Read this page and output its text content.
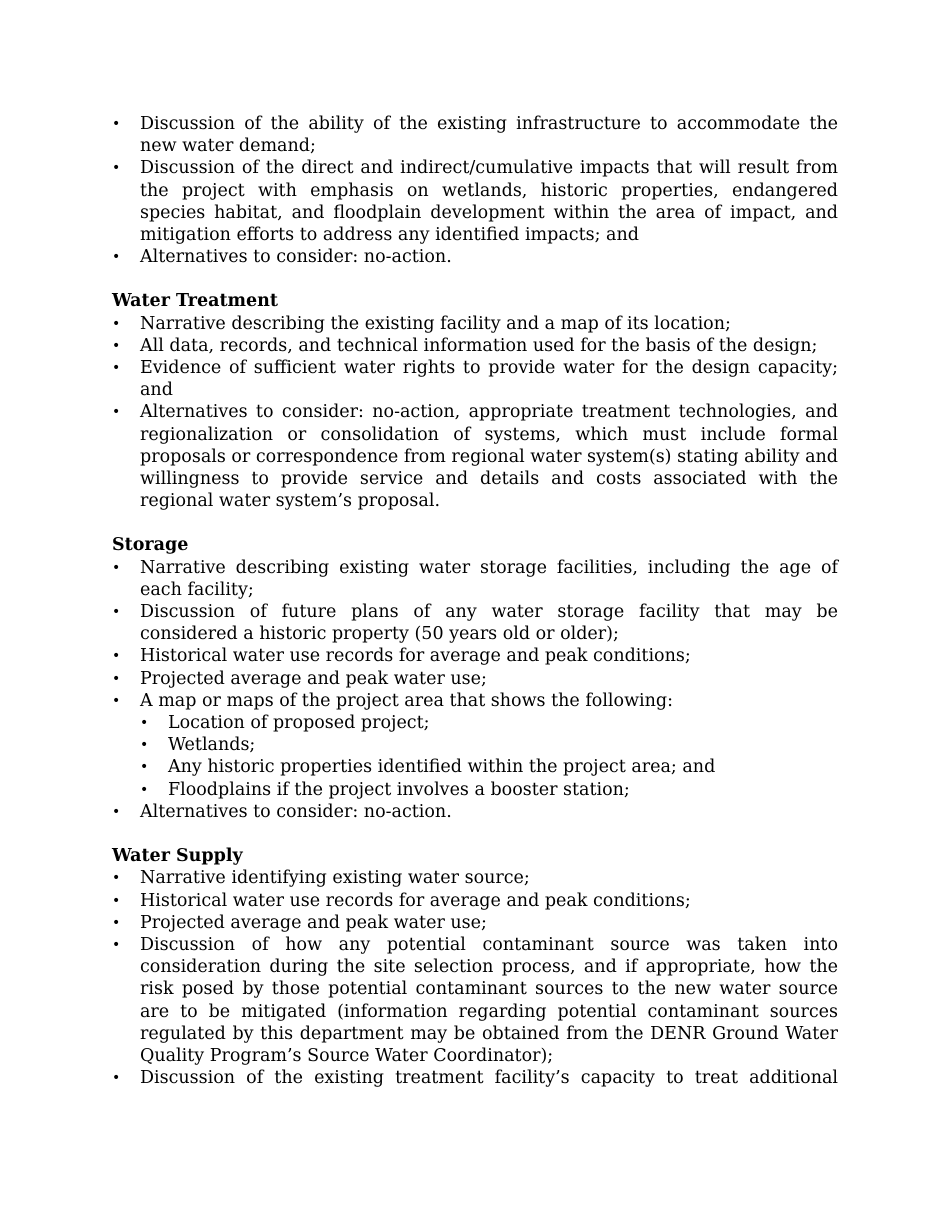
• Discussion of the ability of the existing infrastructure to accommodate the new water demand;
• Discussion of the direct and indirect/cumulative impacts that will result from the project with emphasis on wetlands, historic properties, endangered species habitat, and floodplain development within the area of impact, and mitigation efforts to address any identified impacts; and
• Alternatives to consider: no-action.
Water Treatment
• Narrative describing the existing facility and a map of its location;
• All data, records, and technical information used for the basis of the design;
• Evidence of sufficient water rights to provide water for the design capacity; and
• Alternatives to consider: no-action, appropriate treatment technologies, and regionalization or consolidation of systems, which must include formal proposals or correspondence from regional water system(s) stating ability and willingness to provide service and details and costs associated with the regional water system’s proposal.
Storage
• Narrative describing existing water storage facilities, including the age of each facility;
• Discussion of future plans of any water storage facility that may be considered a historic property (50 years old or older);
• Historical water use records for average and peak conditions;
• Projected average and peak water use;
• A map or maps of the project area that shows the following:
• Location of proposed project;
• Wetlands;
• Any historic properties identified within the project area; and
• Floodplains if the project involves a booster station;
• Alternatives to consider: no-action.
Water Supply
• Narrative identifying existing water source;
• Historical water use records for average and peak conditions;
• Projected average and peak water use;
• Discussion of how any potential contaminant source was taken into consideration during the site selection process, and if appropriate, how the risk posed by those potential contaminant sources to the new water source are to be mitigated (information regarding potential contaminant sources regulated by this department may be obtained from the DENR Ground Water Quality Program’s Source Water Coordinator);
• Discussion of the existing treatment facility’s capacity to treat additional
